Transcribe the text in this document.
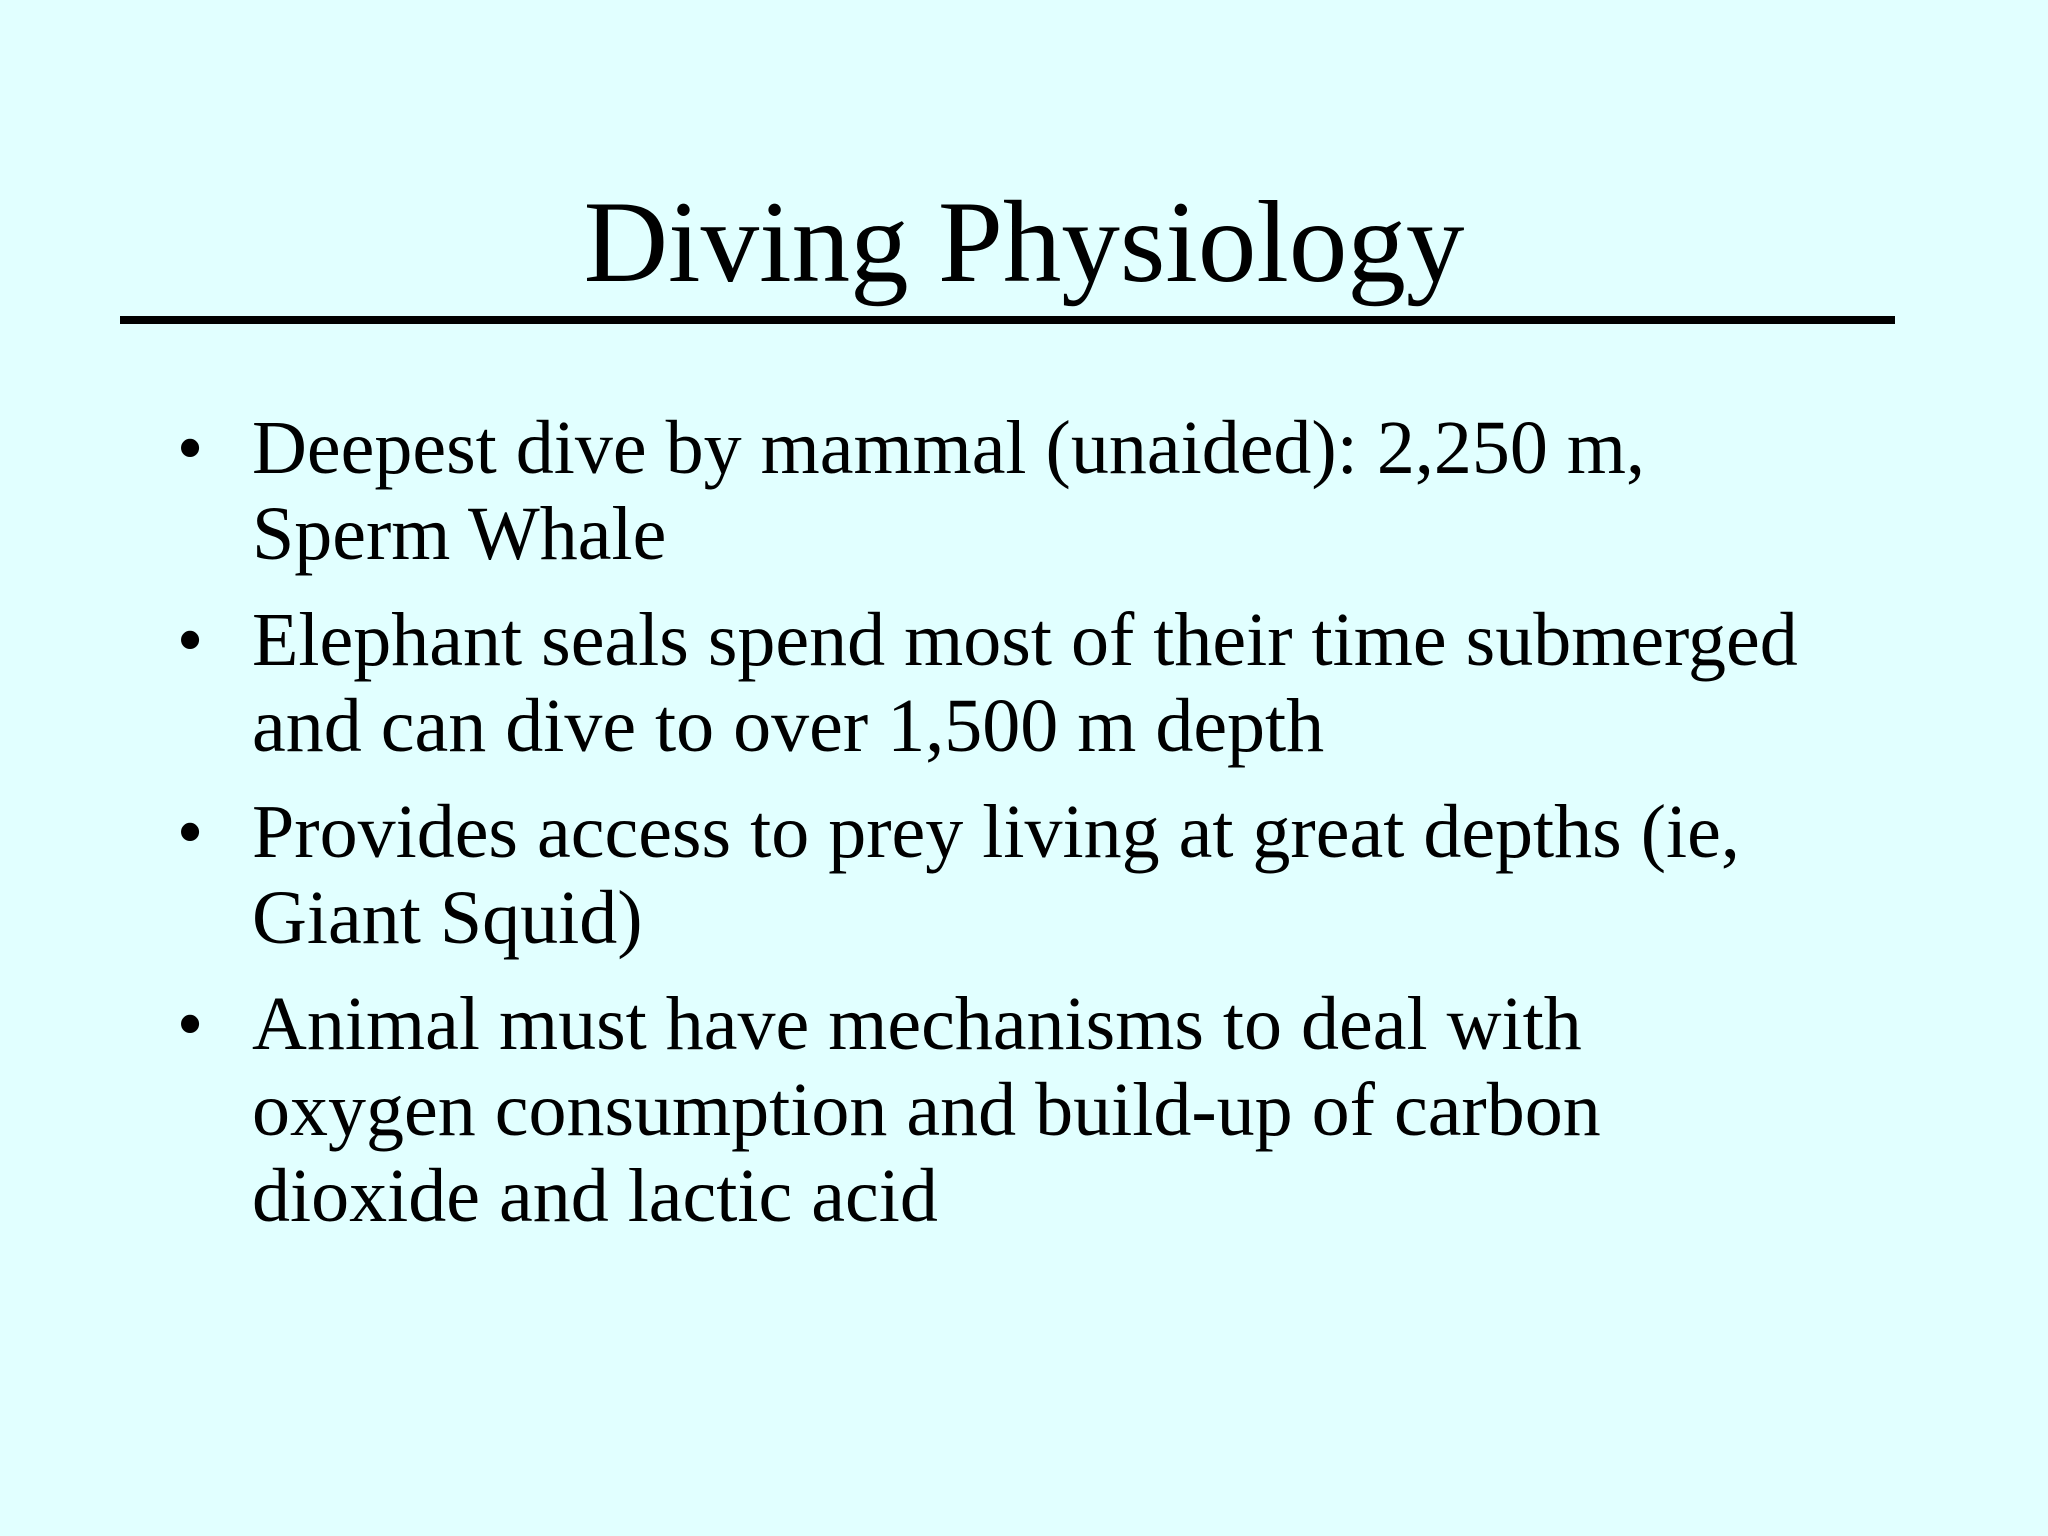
Diving Physiology
• Deepest dive by mammal (unaided): 2,250 m,
Sperm Whale
• Elephant seals spend most of their time submerged
and can dive to over 1,500 m depth
• Provides access to prey living at great depths (ie,
Giant Squid)
• Animal must have mechanisms to deal with
oxygen consumption and build-up of carbon
dioxide and lactic acid
